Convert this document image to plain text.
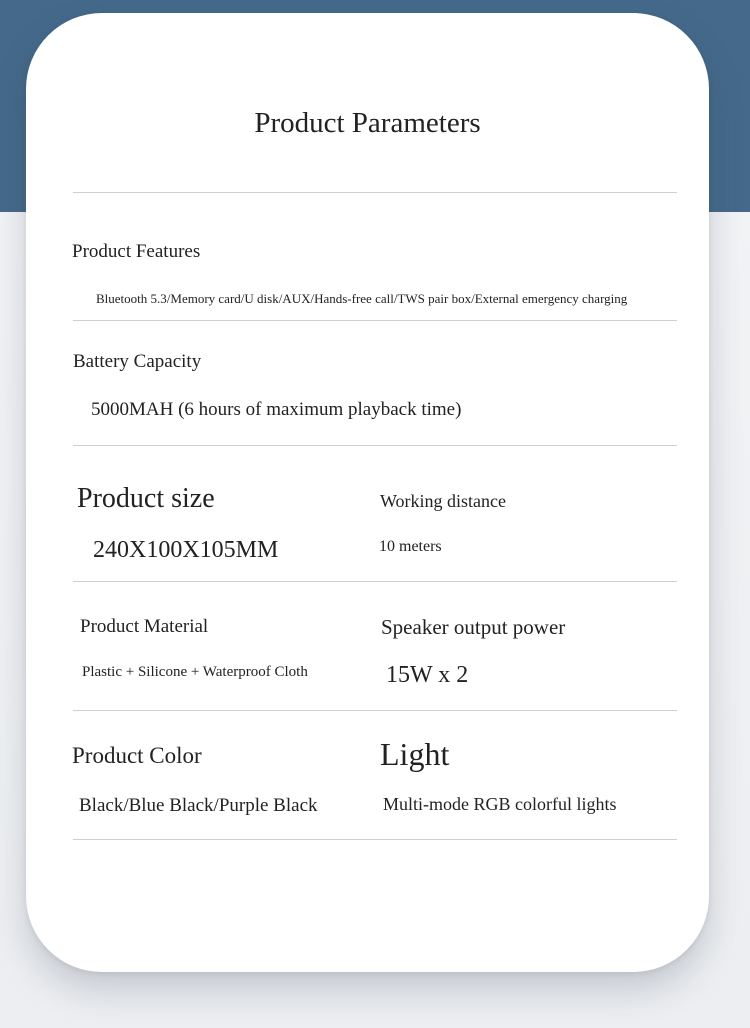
Product Parameters
Product Features
Bluetooth 5.3/Memory card/U disk/AUX/Hands-free call/TWS pair box/External emergency charging
Battery Capacity
5000MAH (6 hours of maximum playback time)
Product size
240X100X105MM
Working distance
10 meters
Product Material
Plastic + Silicone + Waterproof Cloth
Speaker output power
15W x 2
Product Color
Black/Blue Black/Purple Black
Light
Multi-mode RGB colorful lights
